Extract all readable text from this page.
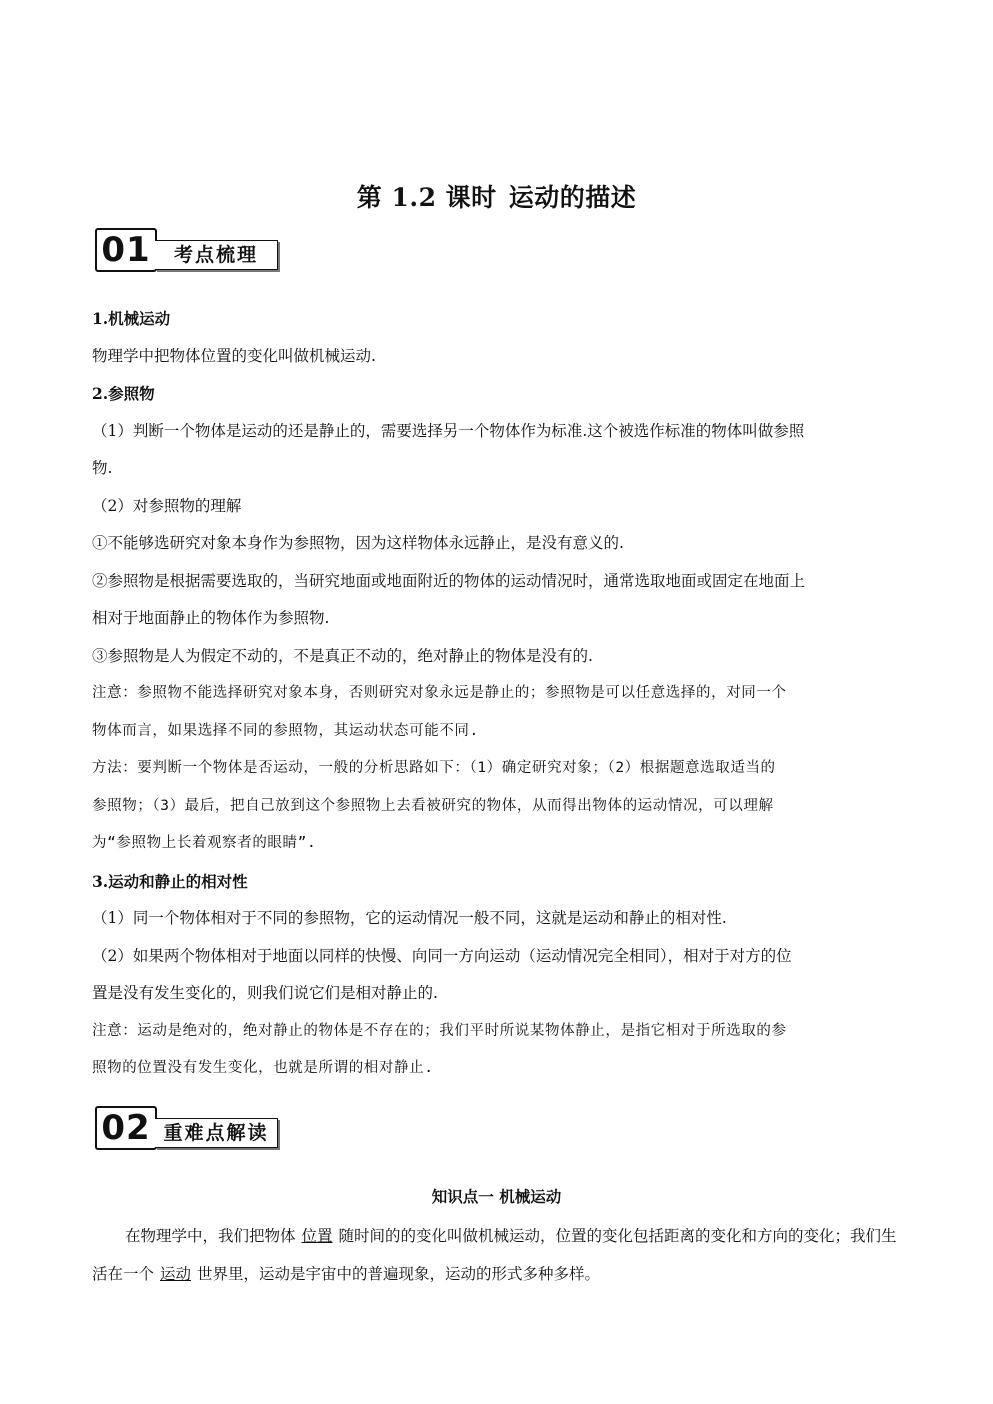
第 1.2 课时 运动的描述
01	考点梳理

1.机械运动

物理学中把物体位置的变化叫做机械运动.

2.参照物

（1）判断一个物体是运动的还是静止的，需要选择另一个物体作为标准.这个被选作标准的物体叫做参照

物.

（2）对参照物的理解

①不能够选研究对象本身作为参照物，因为这样物体永远静止，是没有意义的.

②参照物是根据需要选取的，当研究地面或地面附近的物体的运动情况时，通常选取地面或固定在地面上

相对于地面静止的物体作为参照物.

③参照物是人为假定不动的，不是真正不动的，绝对静止的物体是没有的.

注意：参照物不能选择研究对象本身，否则研究对象永远是静止的；参照物是可以任意选择的，对同一个

物体而言，如果选择不同的参照物，其运动状态可能不同.

方法：要判断一个物体是否运动，一般的分析思路如下：（1）确定研究对象；（2）根据题意选取适当的

参照物；（3）最后，把自己放到这个参照物上去看被研究的物体，从而得出物体的运动情况，可以理解

为“参照物上长着观察者的眼睛”.

3.运动和静止的相对性

（1）同一个物体相对于不同的参照物，它的运动情况一般不同，这就是运动和静止的相对性.

（2）如果两个物体相对于地面以同样的快慢、向同一方向运动（运动情况完全相同），相对于对方的位

置是没有发生变化的，则我们说它们是相对静止的.

注意：运动是绝对的，绝对静止的物体是不存在的；我们平时所说某物体静止，是指它相对于所选取的参

照物的位置没有发生变化，也就是所谓的相对静止.

02 重难点解读
知识点一 机械运动
在物理学中，我们把物体 位置 随时间的的变化叫做机械运动，位置的变化包括距离的变化和方向的变化；我们生活在一个 运动 世界里，运动是宇宙中的普遍现象，运动的形式多种多样。
